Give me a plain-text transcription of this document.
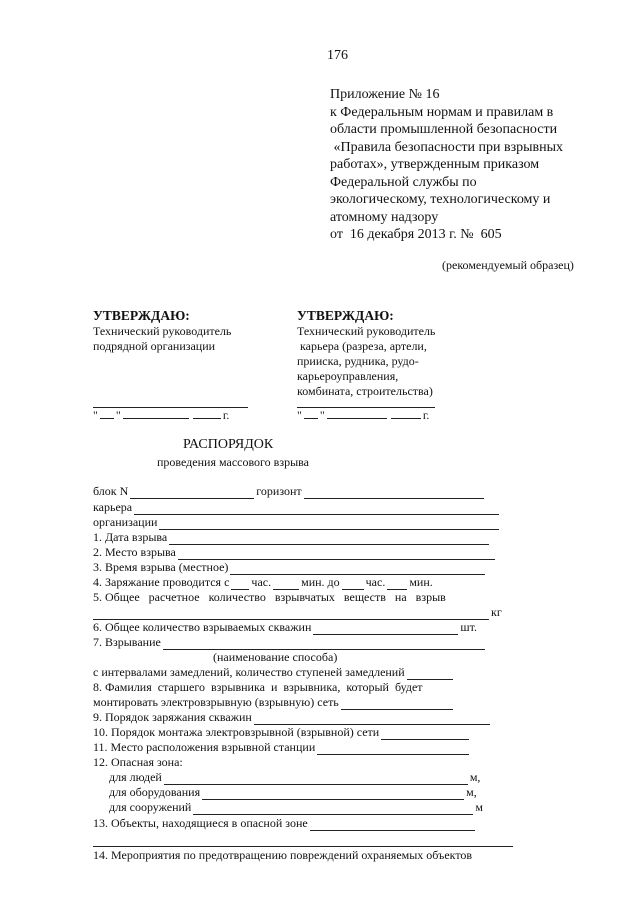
176
Приложение № 16
к Федеральным нормам и правилам в
области промышленной безопасности
«Правила безопасности при взрывных
работах», утвержденным приказом
Федеральной службы по
экологическому, технологическому и
атомному надзору
от  16 декабря 2013 г. №  605
(рекомендуемый образец)
УТВЕРЖДАЮ:
Технический руководитель
подрядной организации
" "	г.
УТВЕРЖДАЮ:
Технический руководитель
карьера (разреза, артели,
прииска, рудника, рудо-
карьероуправления,
комбината, строительства)
" "	г.
РАСПОРЯДОК
проведения массового взрыва
блок N	горизонт
карьера
организации
1. Дата взрыва
2. Место взрыва
3. Время взрыва (местное)
4. Заряжание проводится с час.	мин. до час. мин.
5. Общее   расчетное   количество   взрывчатых   веществ   на   взрыв
кг
6. Общее количество взрываемых скважин	шт.
7. Взрывание
(наименование способа)
с интервалами замедлений, количество ступеней замедлений
8. Фамилия  старшего  взрывника  и  взрывника,  который  будет
монтировать электровзрывную (взрывную) сеть
9. Порядок заряжания скважин
10. Порядок монтажа электровзрывной (взрывной) сети
11. Место расположения взрывной станции
12. Опасная зона:
для людей	м,
для оборудования	м,
для сооружений	м
13. Объекты, находящиеся в опасной зоне
14. Мероприятия по предотвращению повреждений охраняемых объектов
